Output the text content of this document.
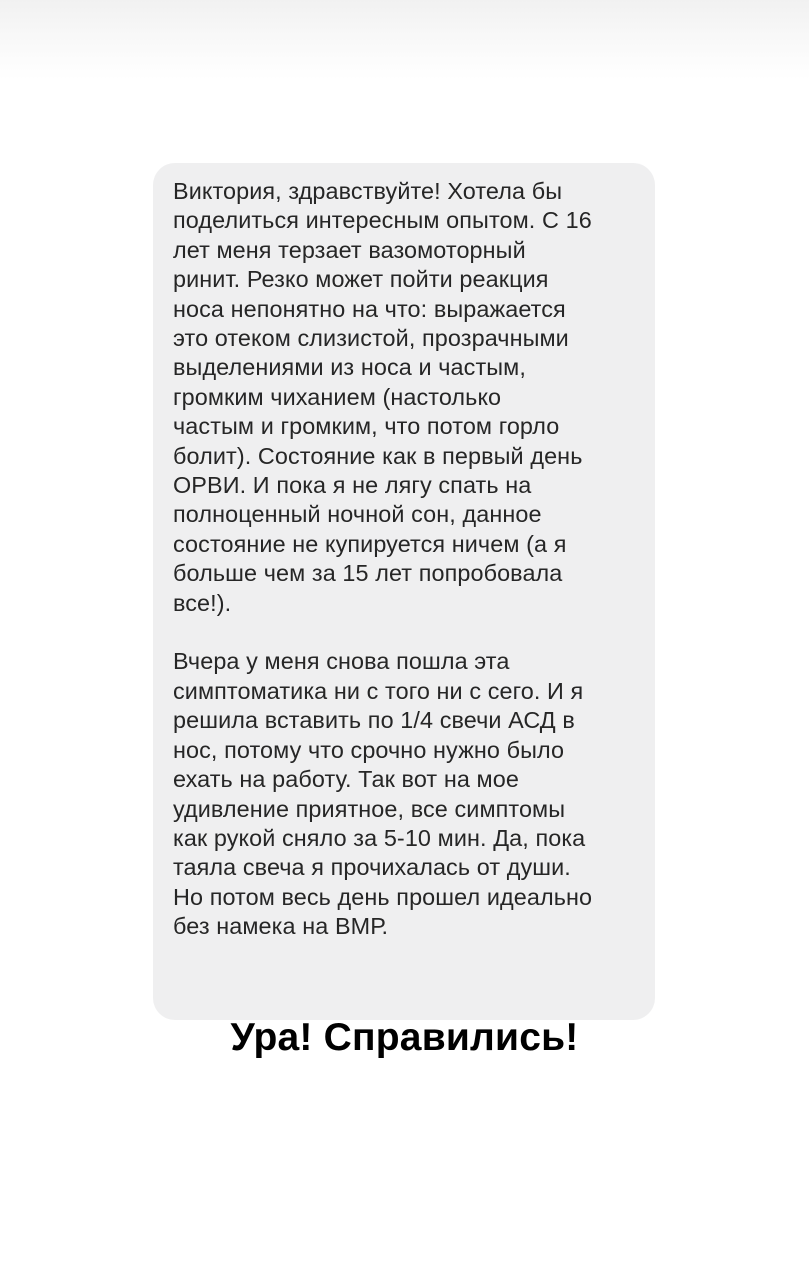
Виктория, здравствуйте! Хотела бы
поделиться интересным опытом. С 16
лет меня терзает вазомоторный
ринит. Резко может пойти реакция
носа непонятно на что: выражается
это отеком слизистой, прозрачными
выделениями из носа и частым,
громким чиханием (настолько
частым и громким, что потом горло
болит). Состояние как в первый день
ОРВИ. И пока я не лягу спать на
полноценный ночной сон, данное
состояние не купируется ничем (а я
больше чем за 15 лет попробовала
все!).

Вчера у меня снова пошла эта
симптоматика ни с того ни с сего. И я
решила вставить по 1/4 свечи АСД в
нос, потому что срочно нужно было
ехать на работу. Так вот на мое
удивление приятное, все симптомы
как рукой сняло за 5-10 мин. Да, пока
таяла свеча я прочихалась от души.
Но потом весь день прошел идеально
без намека на ВМР.

Ура! Справились!
